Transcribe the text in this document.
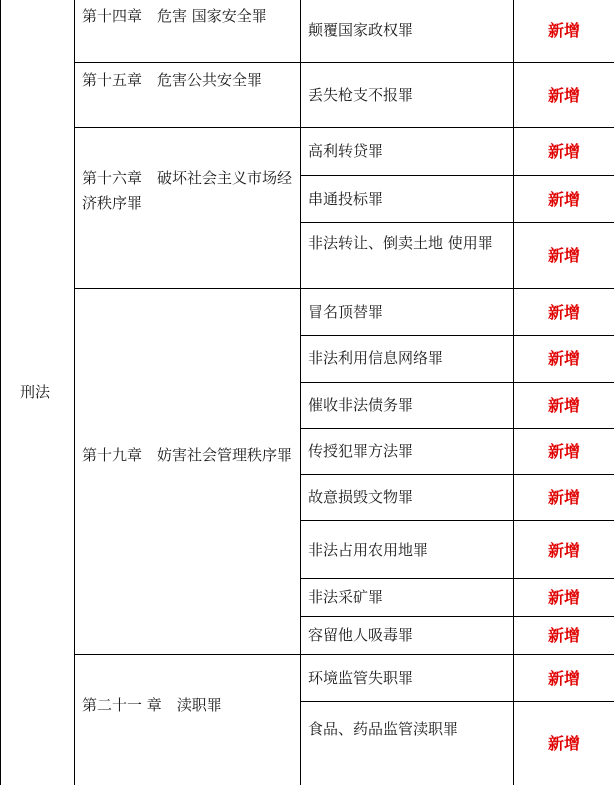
刑法
第十四章　危害 国家安全罪
第十五章　危害公共安全罪
第十六章　破坏社会主义市场经济秩序罪
第十九章　妨害社会管理秩序罪
第二十一 章　渎职罪
颠覆国家政权罪
丢失枪支不报罪
高利转贷罪
串通投标罪
非法转让、倒卖土地 使用罪
冒名顶替罪
非法利用信息网络罪
催收非法债务罪
传授犯罪方法罪
故意损毁文物罪
非法占用农用地罪
非法采矿罪
容留他人吸毒罪
环境监管失职罪
食品、药品监管渎职罪
新增
新增
新增
新增
新增
新增
新增
新增
新增
新增
新增
新增
新增
新增
新增
